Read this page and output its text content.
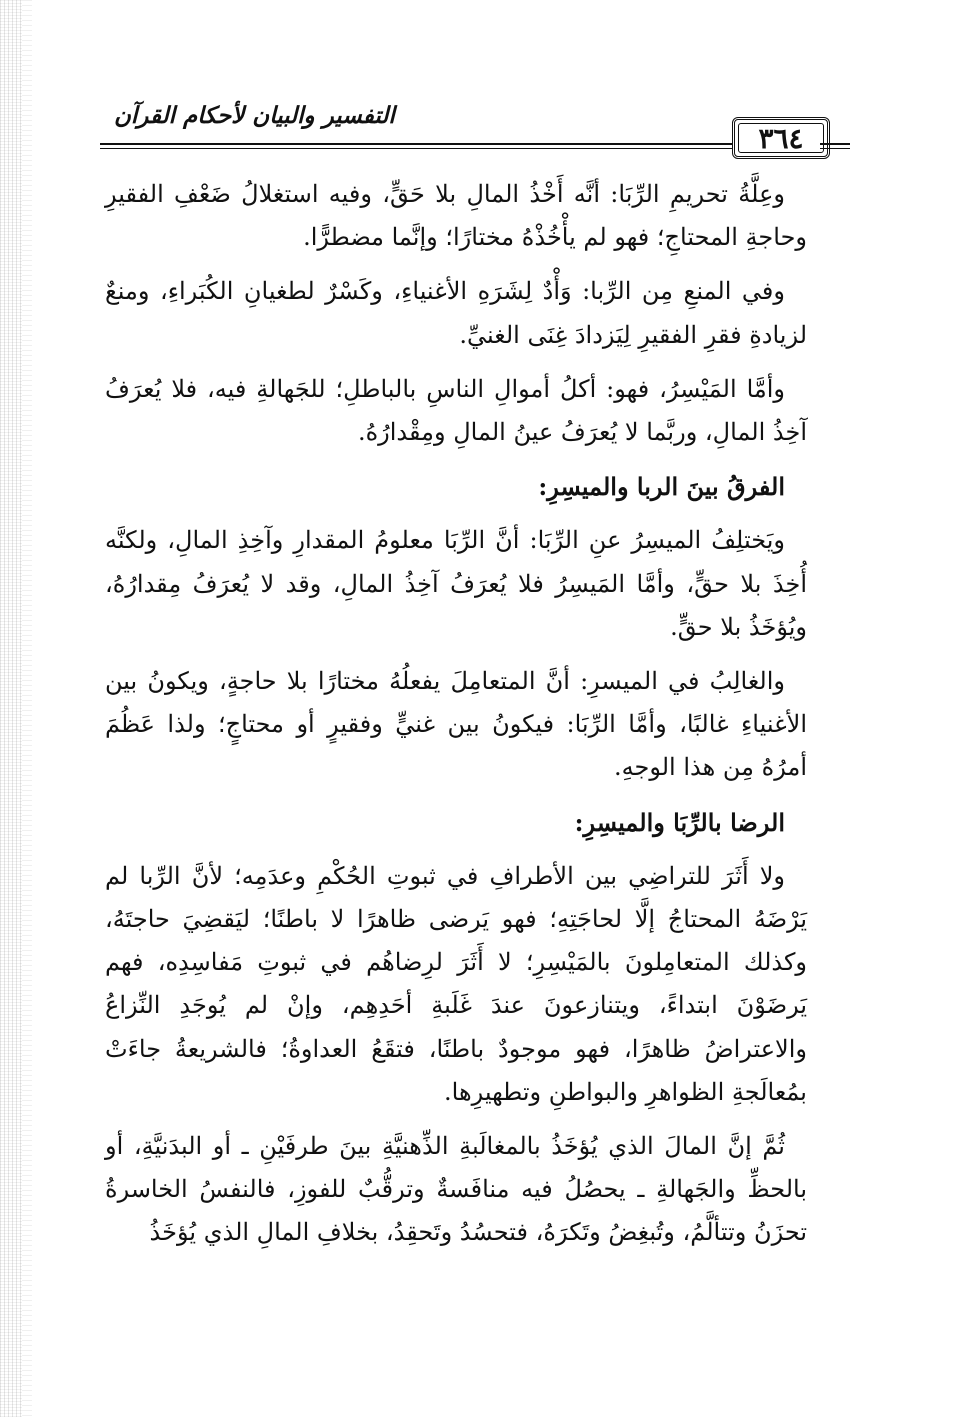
التفسير والبيان لأحكام القرآن
٣٦٤

وعِلَّةُ تحريمِ الرِّبَا: أنَّه أَخْذُ المالِ بلا حَقٍّ، وفيه استغلالُ ضَعْفِ الفقيرِ وحاجةِ المحتاجِ؛ فهو لم يأْخُذْهُ مختارًا؛ وإنَّما مضطرًّا.

وفي المنعِ مِن الرِّبا: وَأْدٌ لِشَرَهِ الأغنياءِ، وكَسْرٌ لطغيانِ الكُبَراءِ، ومنعٌ لزيادةِ فقرِ الفقيرِ لِيَزدادَ غِنَى الغنيِّ.

وأمَّا المَيْسِرُ، فهو: أكلُ أموالِ الناسِ بالباطلِ؛ للجَهالةِ فيه، فلا يُعرَفُ آخِذُ المالِ، وربَّما لا يُعرَفُ عينُ المالِ ومِقْدارُهُ.

الفرقُ بينَ الربا والميسِرِ:

ويَختلِفُ الميسِرُ عنِ الرِّبَا: أنَّ الرِّبَا معلومُ المقدارِ وآخِذِ المالِ، ولكنَّه أُخِذَ بلا حقٍّ، وأمَّا المَيسِرُ فلا يُعرَفُ آخِذُ المالِ، وقد لا يُعرَفُ مِقدارُهُ، ويُؤخَذُ بلا حقٍّ.

والغالِبُ في الميسرِ: أنَّ المتعامِلَ يفعلُهُ مختارًا بلا حاجةٍ، ويكونُ بين الأغنياءِ غالبًا، وأمَّا الرِّبَا: فيكونُ بين غنيٍّ وفقيرٍ أو محتاجٍ؛ ولذا عَظُمَ أمرُهُ مِن هذا الوجهِ.

الرضا بالرِّبَا والميسِرِ:

ولا أَثَرَ للتراضِي بين الأطرافِ في ثبوتِ الحُكْمِ وعدَمِه؛ لأنَّ الرِّبا لم يَرْضَهُ المحتاجُ إلَّا لحاجَتِهِ؛ فهو يَرضى ظاهرًا لا باطنًا؛ ليَقضِيَ حاجتَهُ، وكذلك المتعامِلونَ بالمَيْسِرِ؛ لا أَثَرَ لرِضاهُم في ثبوتِ مَفاسِدِه، فهم يَرضَوْنَ ابتداءً، ويتنازعونَ عندَ غَلَبةِ أحَدِهِم، وإنْ لم يُوجَدِ النِّزاعُ والاعتراضُ ظاهرًا، فهو موجودٌ باطنًا، فتقَعُ العداوةُ؛ فالشريعةُ جاءَتْ بمُعالَجةِ الظواهرِ والبواطنِ وتطهيرِها.

ثُمَّ إنَّ المالَ الذي يُؤخَذُ بالمغالَبةِ الذِّهنيَّةِ بينَ طرفَيْنِ ـ أو البدَنيَّةِ، أو بالحظِّ والجَهالةِ ـ يحصُلُ فيه منافَسةٌ وترقُّبٌ للفوزِ، فالنفسُ الخاسرةُ تحزَنُ وتتألَّمُ، وتُبغِضُ وتَكرَهُ، فتحسُدُ وتَحقِدُ، بخلافِ المالِ الذي يُؤخَذُ
